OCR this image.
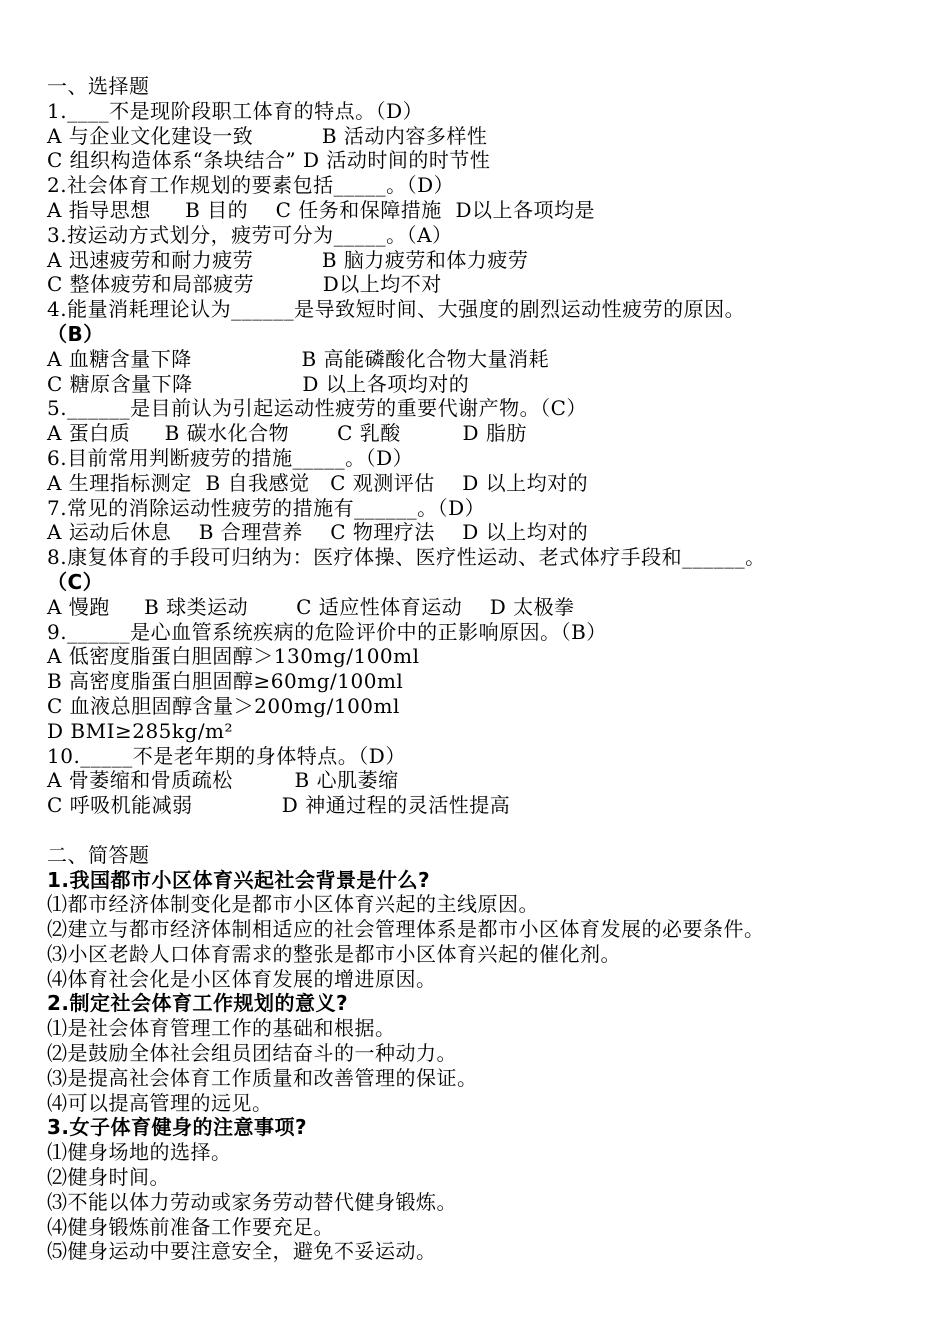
一、选择题
1.____不是现阶段职工体育的特点。（D）
A 与企业文化建设一致          B 活动内容多样性
C 组织构造体系“条块结合” D 活动时间的时节性
2.社会体育工作规划的要素包括_____。（D）
A 指导思想     B 目的    C 任务和保障措施  D以上各项均是
3.按运动方式划分，疲劳可分为_____。（A）
A 迅速疲劳和耐力疲劳          B 脑力疲劳和体力疲劳
C 整体疲劳和局部疲劳          D以上均不对
4.能量消耗理论认为______是导致短时间、大强度的剧烈运动性疲劳的原因。
（B）
A 血糖含量下降                B 高能磷酸化合物大量消耗
C 糖原含量下降                D 以上各项均对的
5.______是目前认为引起运动性疲劳的重要代谢产物。（C）
A 蛋白质     B 碳水化合物       C 乳酸         D 脂肪
6.目前常用判断疲劳的措施_____。（D）
A 生理指标测定  B 自我感觉   C 观测评估    D 以上均对的
7.常见的消除运动性疲劳的措施有______。（D）
A 运动后休息    B 合理营养    C 物理疗法    D 以上均对的
8.康复体育的手段可归纳为：医疗体操、医疗性运动、老式体疗手段和______。
（C）
A 慢跑     B 球类运动       C 适应性体育运动    D 太极拳
9.______是心血管系统疾病的危险评价中的正影响原因。（B）
A 低密度脂蛋白胆固醇＞130mg/100ml
B 高密度脂蛋白胆固醇≥60mg/100ml
C 血液总胆固醇含量＞200mg/100ml
D BMI≥285kg/m²
10._____不是老年期的身体特点。（D）
A 骨萎缩和骨质疏松         B 心肌萎缩
C 呼吸机能减弱             D 神通过程的灵活性提高
二、简答题
1.我国都市小区体育兴起社会背景是什么?
⑴都市经济体制变化是都市小区体育兴起的主线原因。
⑵建立与都市经济体制相适应的社会管理体系是都市小区体育发展的必要条件。
⑶小区老龄人口体育需求的整张是都市小区体育兴起的催化剂。
⑷体育社会化是小区体育发展的增进原因。
2.制定社会体育工作规划的意义?
⑴是社会体育管理工作的基础和根据。
⑵是鼓励全体社会组员团结奋斗的一种动力。
⑶是提高社会体育工作质量和改善管理的保证。
⑷可以提高管理的远见。
3.女子体育健身的注意事项?
⑴健身场地的选择。
⑵健身时间。
⑶不能以体力劳动或家务劳动替代健身锻炼。
⑷健身锻炼前准备工作要充足。
⑸健身运动中要注意安全，避免不妥运动。
